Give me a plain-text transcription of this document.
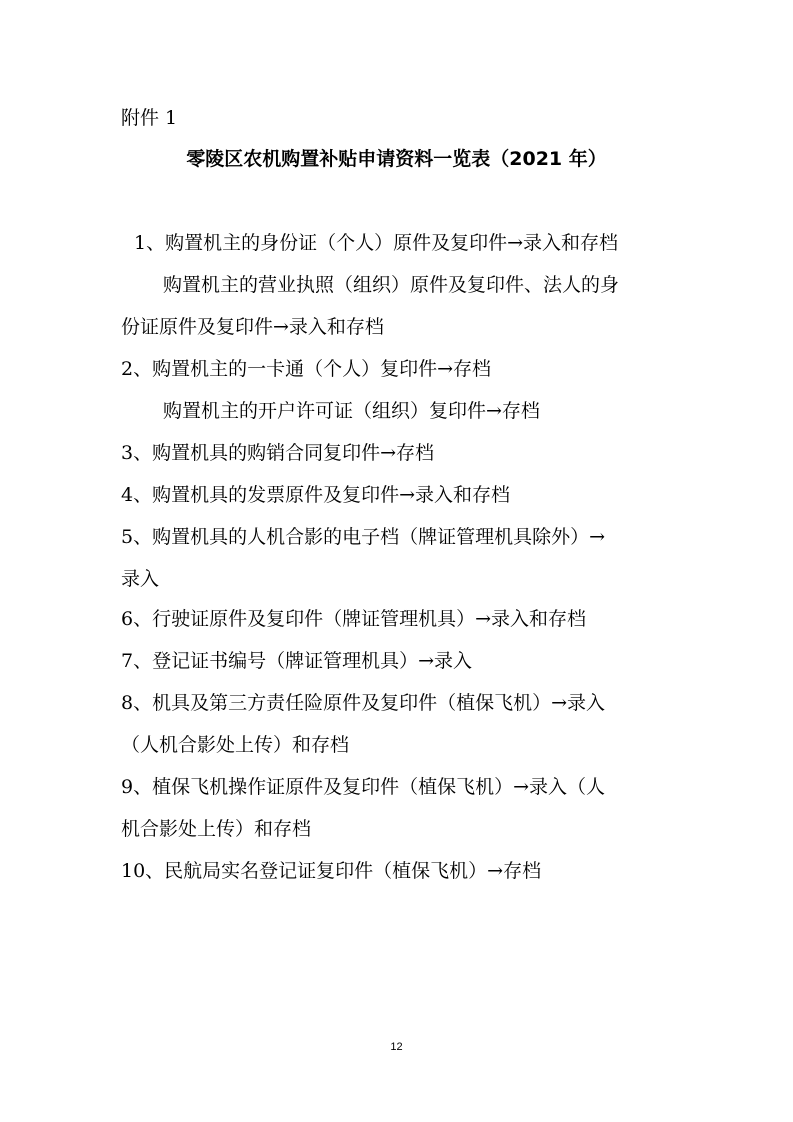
附件 1
零陵区农机购置补贴申请资料一览表（2021 年）
1、购置机主的身份证（个人）原件及复印件→录入和存档
购置机主的营业执照（组织）原件及复印件、法人的身
份证原件及复印件→录入和存档
2、购置机主的一卡通（个人）复印件→存档
购置机主的开户许可证（组织）复印件→存档
3、购置机具的购销合同复印件→存档
4、购置机具的发票原件及复印件→录入和存档
5、购置机具的人机合影的电子档（牌证管理机具除外）→
录入
6、行驶证原件及复印件（牌证管理机具）→录入和存档
7、登记证书编号（牌证管理机具）→录入
8、机具及第三方责任险原件及复印件（植保飞机）→录入
（人机合影处上传）和存档
9、植保飞机操作证原件及复印件（植保飞机）→录入（人
机合影处上传）和存档
10、民航局实名登记证复印件（植保飞机）→存档
12
